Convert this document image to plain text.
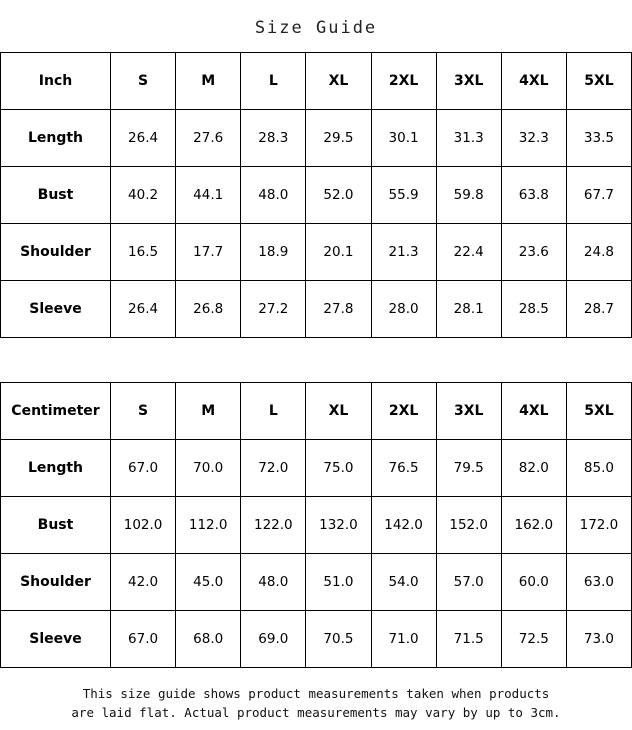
Size Guide
Inch	S	M	L	XL	2XL	3XL	4XL	5XL
Length	26.4	27.6	28.3	29.5	30.1	31.3	32.3	33.5
Bust	40.2	44.1	48.0	52.0	55.9	59.8	63.8	67.7
Shoulder	16.5	17.7	18.9	20.1	21.3	22.4	23.6	24.8
Sleeve	26.4	26.8	27.2	27.8	28.0	28.1	28.5	28.7
Centimeter	S	M	L	XL	2XL	3XL	4XL	5XL
Length	67.0	70.0	72.0	75.0	76.5	79.5	82.0	85.0
Bust	102.0	112.0	122.0	132.0	142.0	152.0	162.0	172.0
Shoulder	42.0	45.0	48.0	51.0	54.0	57.0	60.0	63.0
Sleeve	67.0	68.0	69.0	70.5	71.0	71.5	72.5	73.0
This size guide shows product measurements taken when products
are laid flat. Actual product measurements may vary by up to 3cm.
